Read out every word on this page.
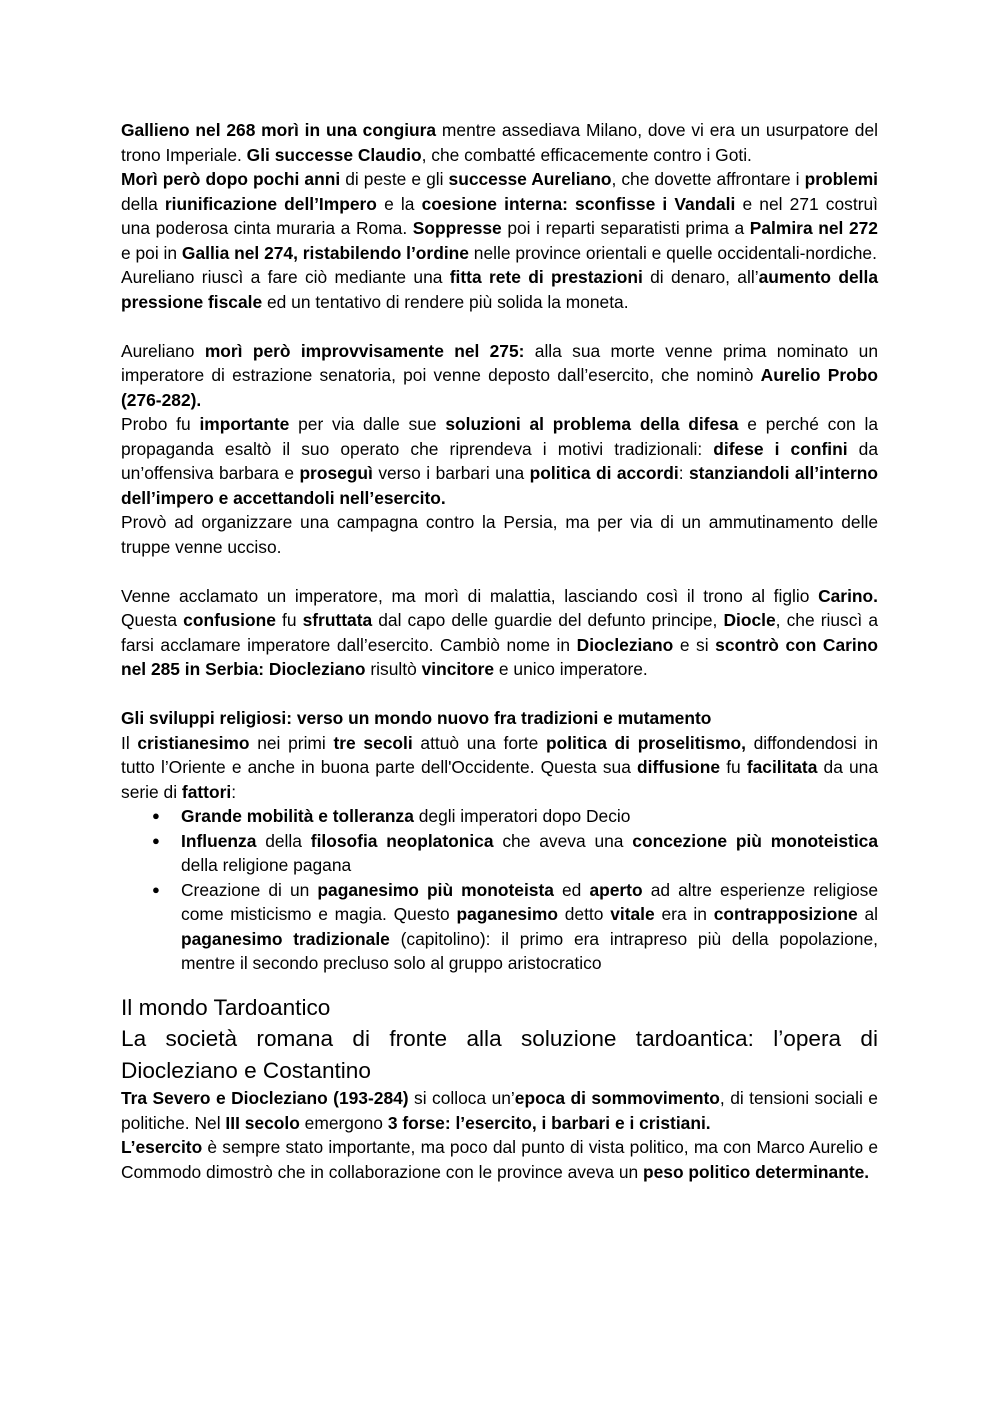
Gallieno nel 268 morì in una congiura mentre assediava Milano, dove vi era un usurpatore del trono Imperiale. Gli successe Claudio, che combatté efficacemente contro i Goti.

Morì però dopo pochi anni di peste e gli successe Aureliano, che dovette affrontare i problemi della riunificazione dell’Impero e la coesione interna: sconfisse i Vandali e nel 271 costruì una poderosa cinta muraria a Roma. Soppresse poi i reparti separatisti prima a Palmira nel 272 e poi in Gallia nel 274, ristabilendo l’ordine nelle province orientali e quelle occidentali-nordiche.

Aureliano riuscì a fare ciò mediante una fitta rete di prestazioni di denaro, all’aumento della pressione fiscale ed un tentativo di rendere più solida la moneta.

Aureliano morì però improvvisamente nel 275: alla sua morte venne prima nominato un imperatore di estrazione senatoria, poi venne deposto dall’esercito, che nominò Aurelio Probo (276-282).

Probo fu importante per via dalle sue soluzioni al problema della difesa e perché con la propaganda esaltò il suo operato che riprendeva i motivi tradizionali: difese i confini da un’offensiva barbara e proseguì verso i barbari una politica di accordi: stanziandoli all’interno dell’impero e accettandoli nell’esercito.

Provò ad organizzare una campagna contro la Persia, ma per via di un ammutinamento delle truppe venne ucciso.

Venne acclamato un imperatore, ma morì di malattia, lasciando così il trono al figlio Carino. Questa confusione fu sfruttata dal capo delle guardie del defunto principe, Diocle, che riuscì a farsi acclamare imperatore dall’esercito. Cambiò nome in Diocleziano e si scontrò con Carino nel 285 in Serbia: Diocleziano risultò vincitore e unico imperatore.

Gli sviluppi religiosi: verso un mondo nuovo fra tradizioni e mutamento

Il cristianesimo nei primi tre secoli attuò una forte politica di proselitismo, diffondendosi in tutto l’Oriente e anche in buona parte dell'Occidente. Questa sua diffusione fu facilitata da una serie di fattori:

● Grande mobilità e tolleranza degli imperatori dopo Decio
● Influenza della filosofia neoplatonica che aveva una concezione più monoteistica della religione pagana
● Creazione di un paganesimo più monoteista ed aperto ad altre esperienze religiose come misticismo e magia. Questo paganesimo detto vitale era in contrapposizione al paganesimo tradizionale (capitolino): il primo era intrapreso più della popolazione, mentre il secondo precluso solo al gruppo aristocratico
Il mondo Tardoantico
La società romana di fronte alla soluzione tardoantica: l’opera di Diocleziano e Costantino

Tra Severo e Diocleziano (193-284) si colloca un’epoca di sommovimento, di tensioni sociali e politiche. Nel III secolo emergono 3 forse: l’esercito, i barbari e i cristiani.

L’esercito è sempre stato importante, ma poco dal punto di vista politico, ma con Marco Aurelio e Commodo dimostrò che in collaborazione con le province aveva un peso politico determinante.
